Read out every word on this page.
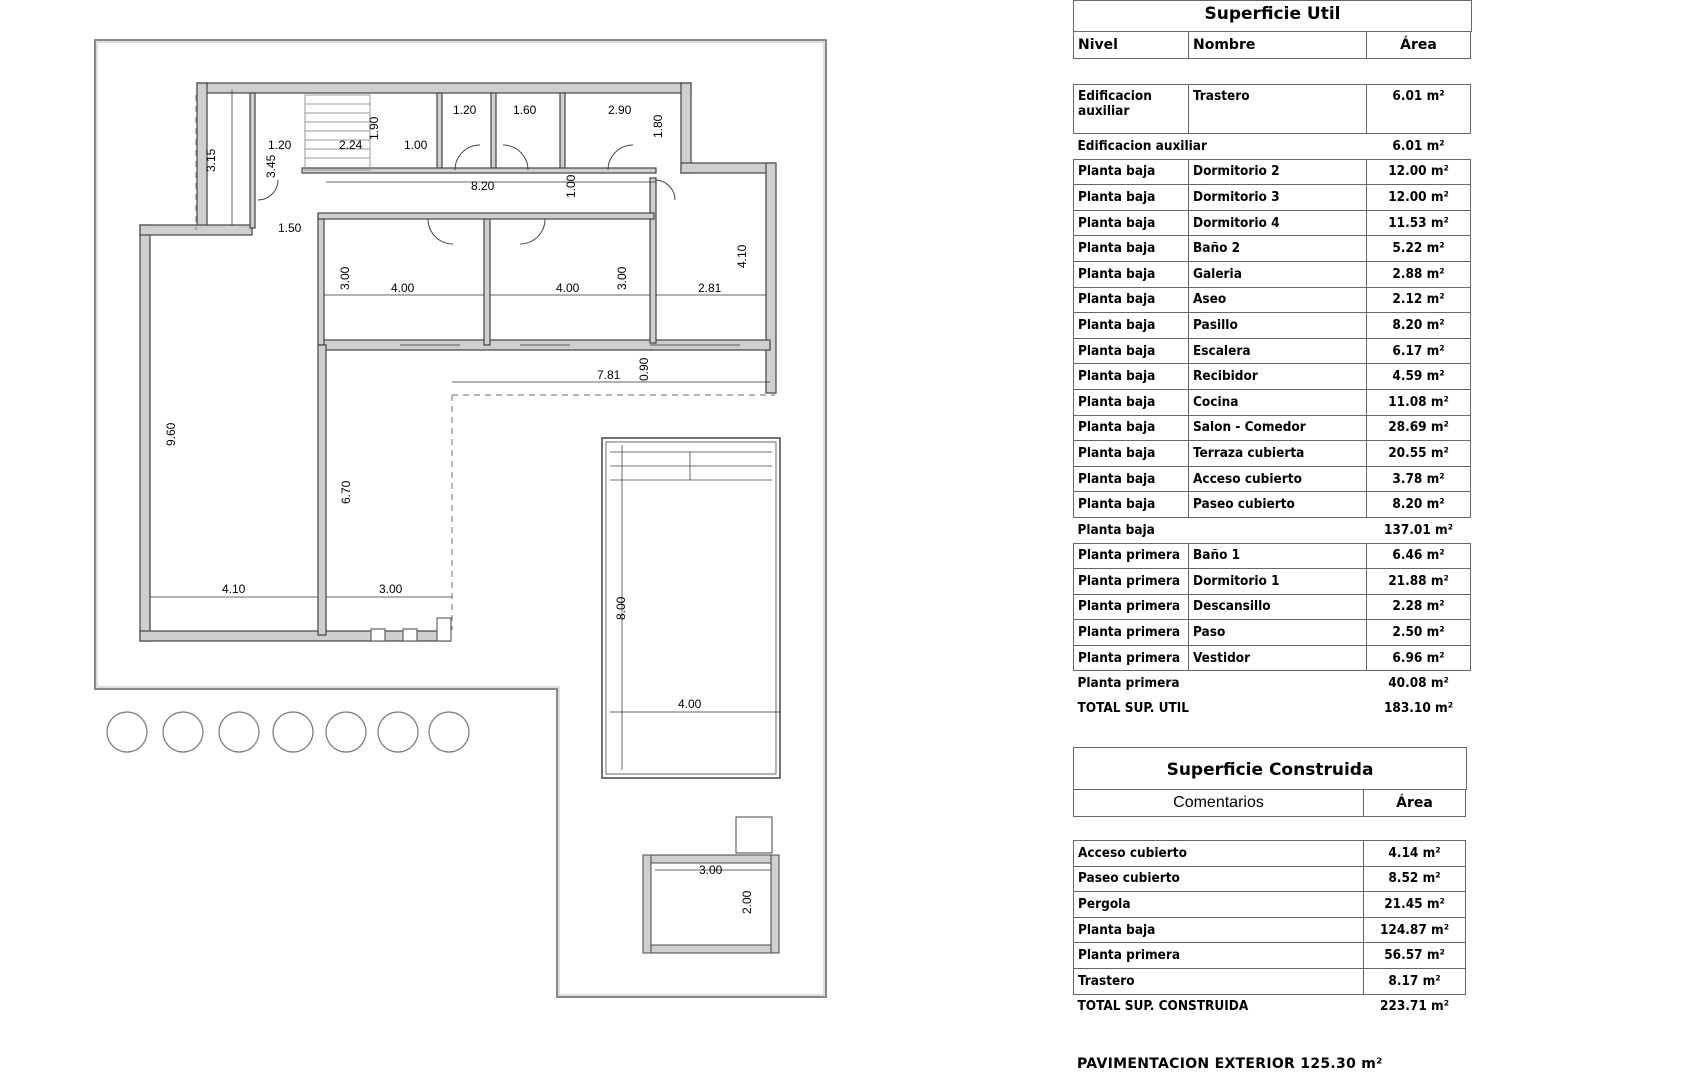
3.15	3.45
1.20	2.24
1.90
1.00
1.20	1.60	2.90
1.80
8.20	1.00
1.50
3.00	4.00	4.00	3.00	2.81
4.10
7.81 0.90
9.60
6.70
4.10	3.00
8.00
4.00
3.00
2.00
Superficie Util
Nivel	Nombre	Área
Edificacion auxiliar	Trastero	6.01 m²
Edificacion auxiliar		6.01 m²
Planta baja	Dormitorio 2	12.00 m²
Planta baja	Dormitorio 3	12.00 m²
Planta baja	Dormitorio 4	11.53 m²
Planta baja	Baño 2	5.22 m²
Planta baja	Galeria	2.88 m²
Planta baja	Aseo	2.12 m²
Planta baja	Pasillo	8.20 m²
Planta baja	Escalera	6.17 m²
Planta baja	Recibidor	4.59 m²
Planta baja	Cocina	11.08 m²
Planta baja	Salon - Comedor	28.69 m²
Planta baja	Terraza cubierta	20.55 m²
Planta baja	Acceso cubierto	3.78 m²
Planta baja	Paseo cubierto	8.20 m²
Planta baja		137.01 m²
Planta primera	Baño 1	6.46 m²
Planta primera	Dormitorio 1	21.88 m²
Planta primera	Descansillo	2.28 m²
Planta primera	Paso	2.50 m²
Planta primera	Vestidor	6.96 m²
Planta primera		40.08 m²
TOTAL SUP. UTIL		183.10 m²
Superficie Construida
Comentarios	Área
Acceso cubierto	4.14 m²
Paseo cubierto	8.52 m²
Pergola	21.45 m²
Planta baja	124.87 m²
Planta primera	56.57 m²
Trastero	8.17 m²
TOTAL SUP. CONSTRUIDA	223.71 m²
PAVIMENTACION EXTERIOR 125.30 m²
